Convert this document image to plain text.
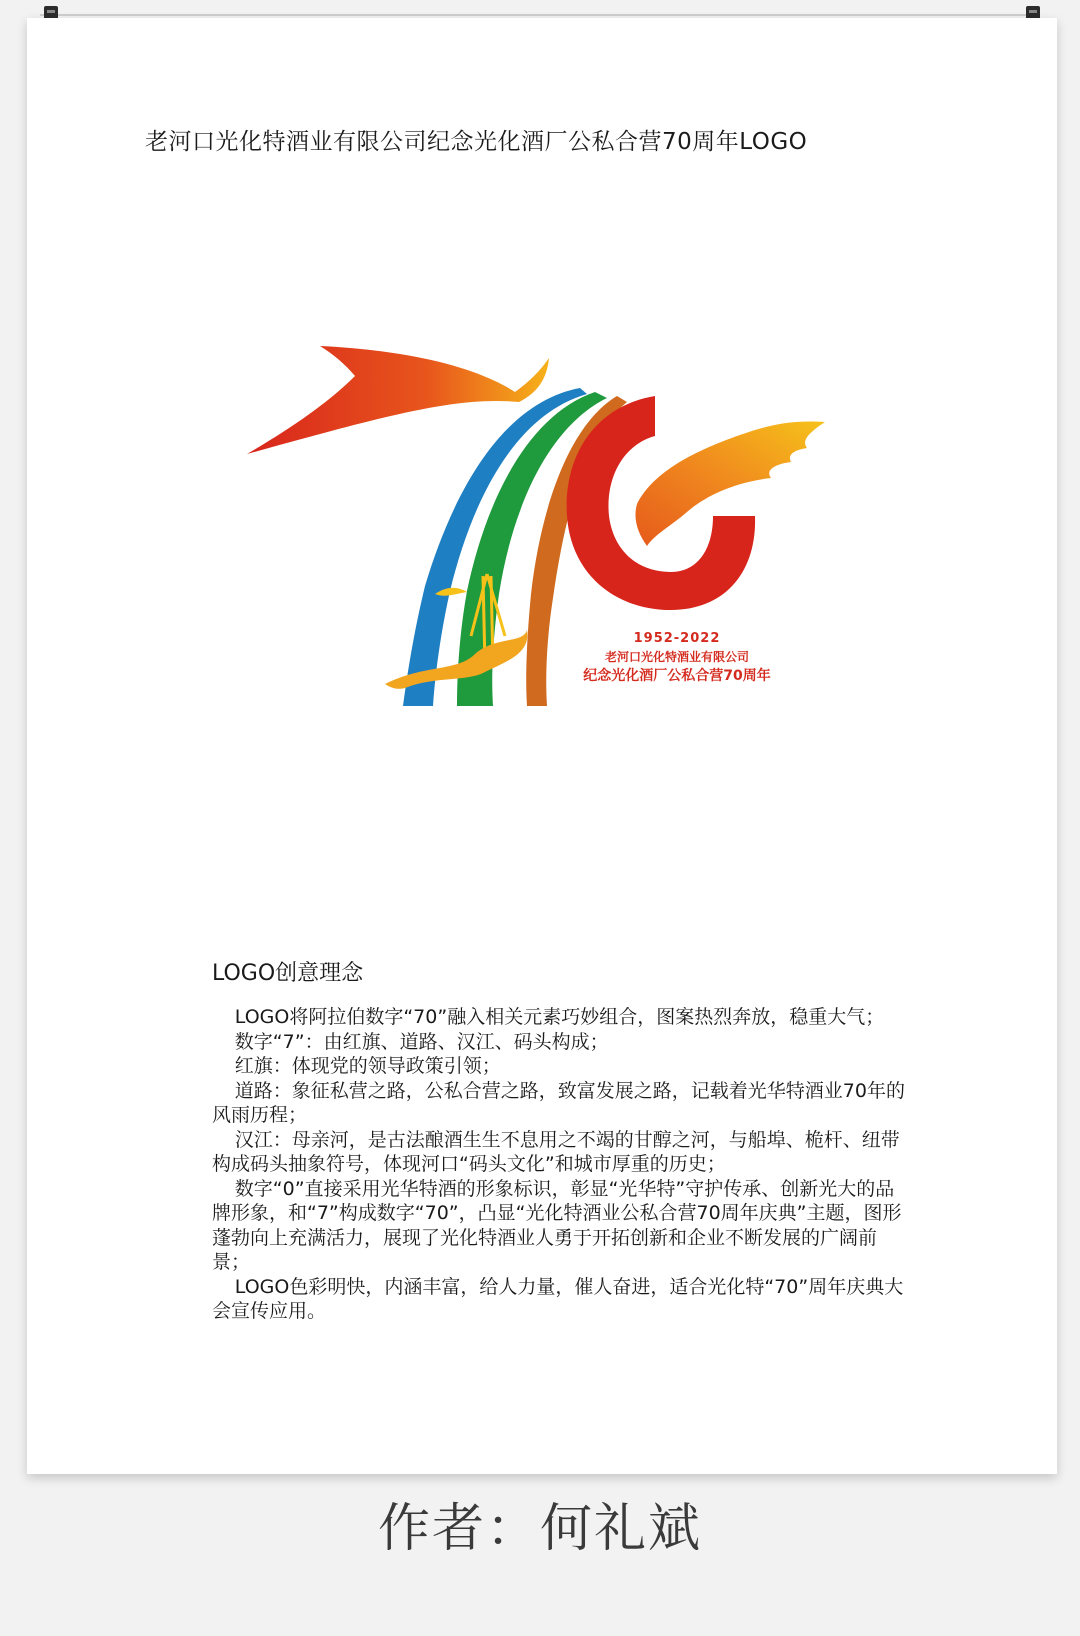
老河口光化特酒业有限公司纪念光化酒厂公私合营70周年LOGO
1952-2022
老河口光化特酒业有限公司
纪念光化酒厂公私合营70周年
LOGO创意理念

LOGO将阿拉伯数字“70”融入相关元素巧妙组合，图案热烈奔放，稳重大气；

数字“7”：由红旗、道路、汉江、码头构成；

红旗：体现党的领导政策引领；

道路：象征私营之路，公私合营之路，致富发展之路，记载着光华特酒业70年的风雨历程；

汉江：母亲河，是古法酿酒生生不息用之不竭的甘醇之河，与船埠、桅杆、纽带构成码头抽象符号，体现河口“码头文化”和城市厚重的历史；

数字“0”直接采用光华特酒的形象标识，彰显“光华特”守护传承、创新光大的品牌形象，和“7”构成数字“70”，凸显“光化特酒业公私合营70周年庆典”主题，图形蓬勃向上充满活力，展现了光化特酒业人勇于开拓创新和企业不断发展的广阔前景；

LOGO色彩明快，内涵丰富，给人力量，催人奋进，适合光化特“70”周年庆典大会宣传应用。

作者：何礼斌
